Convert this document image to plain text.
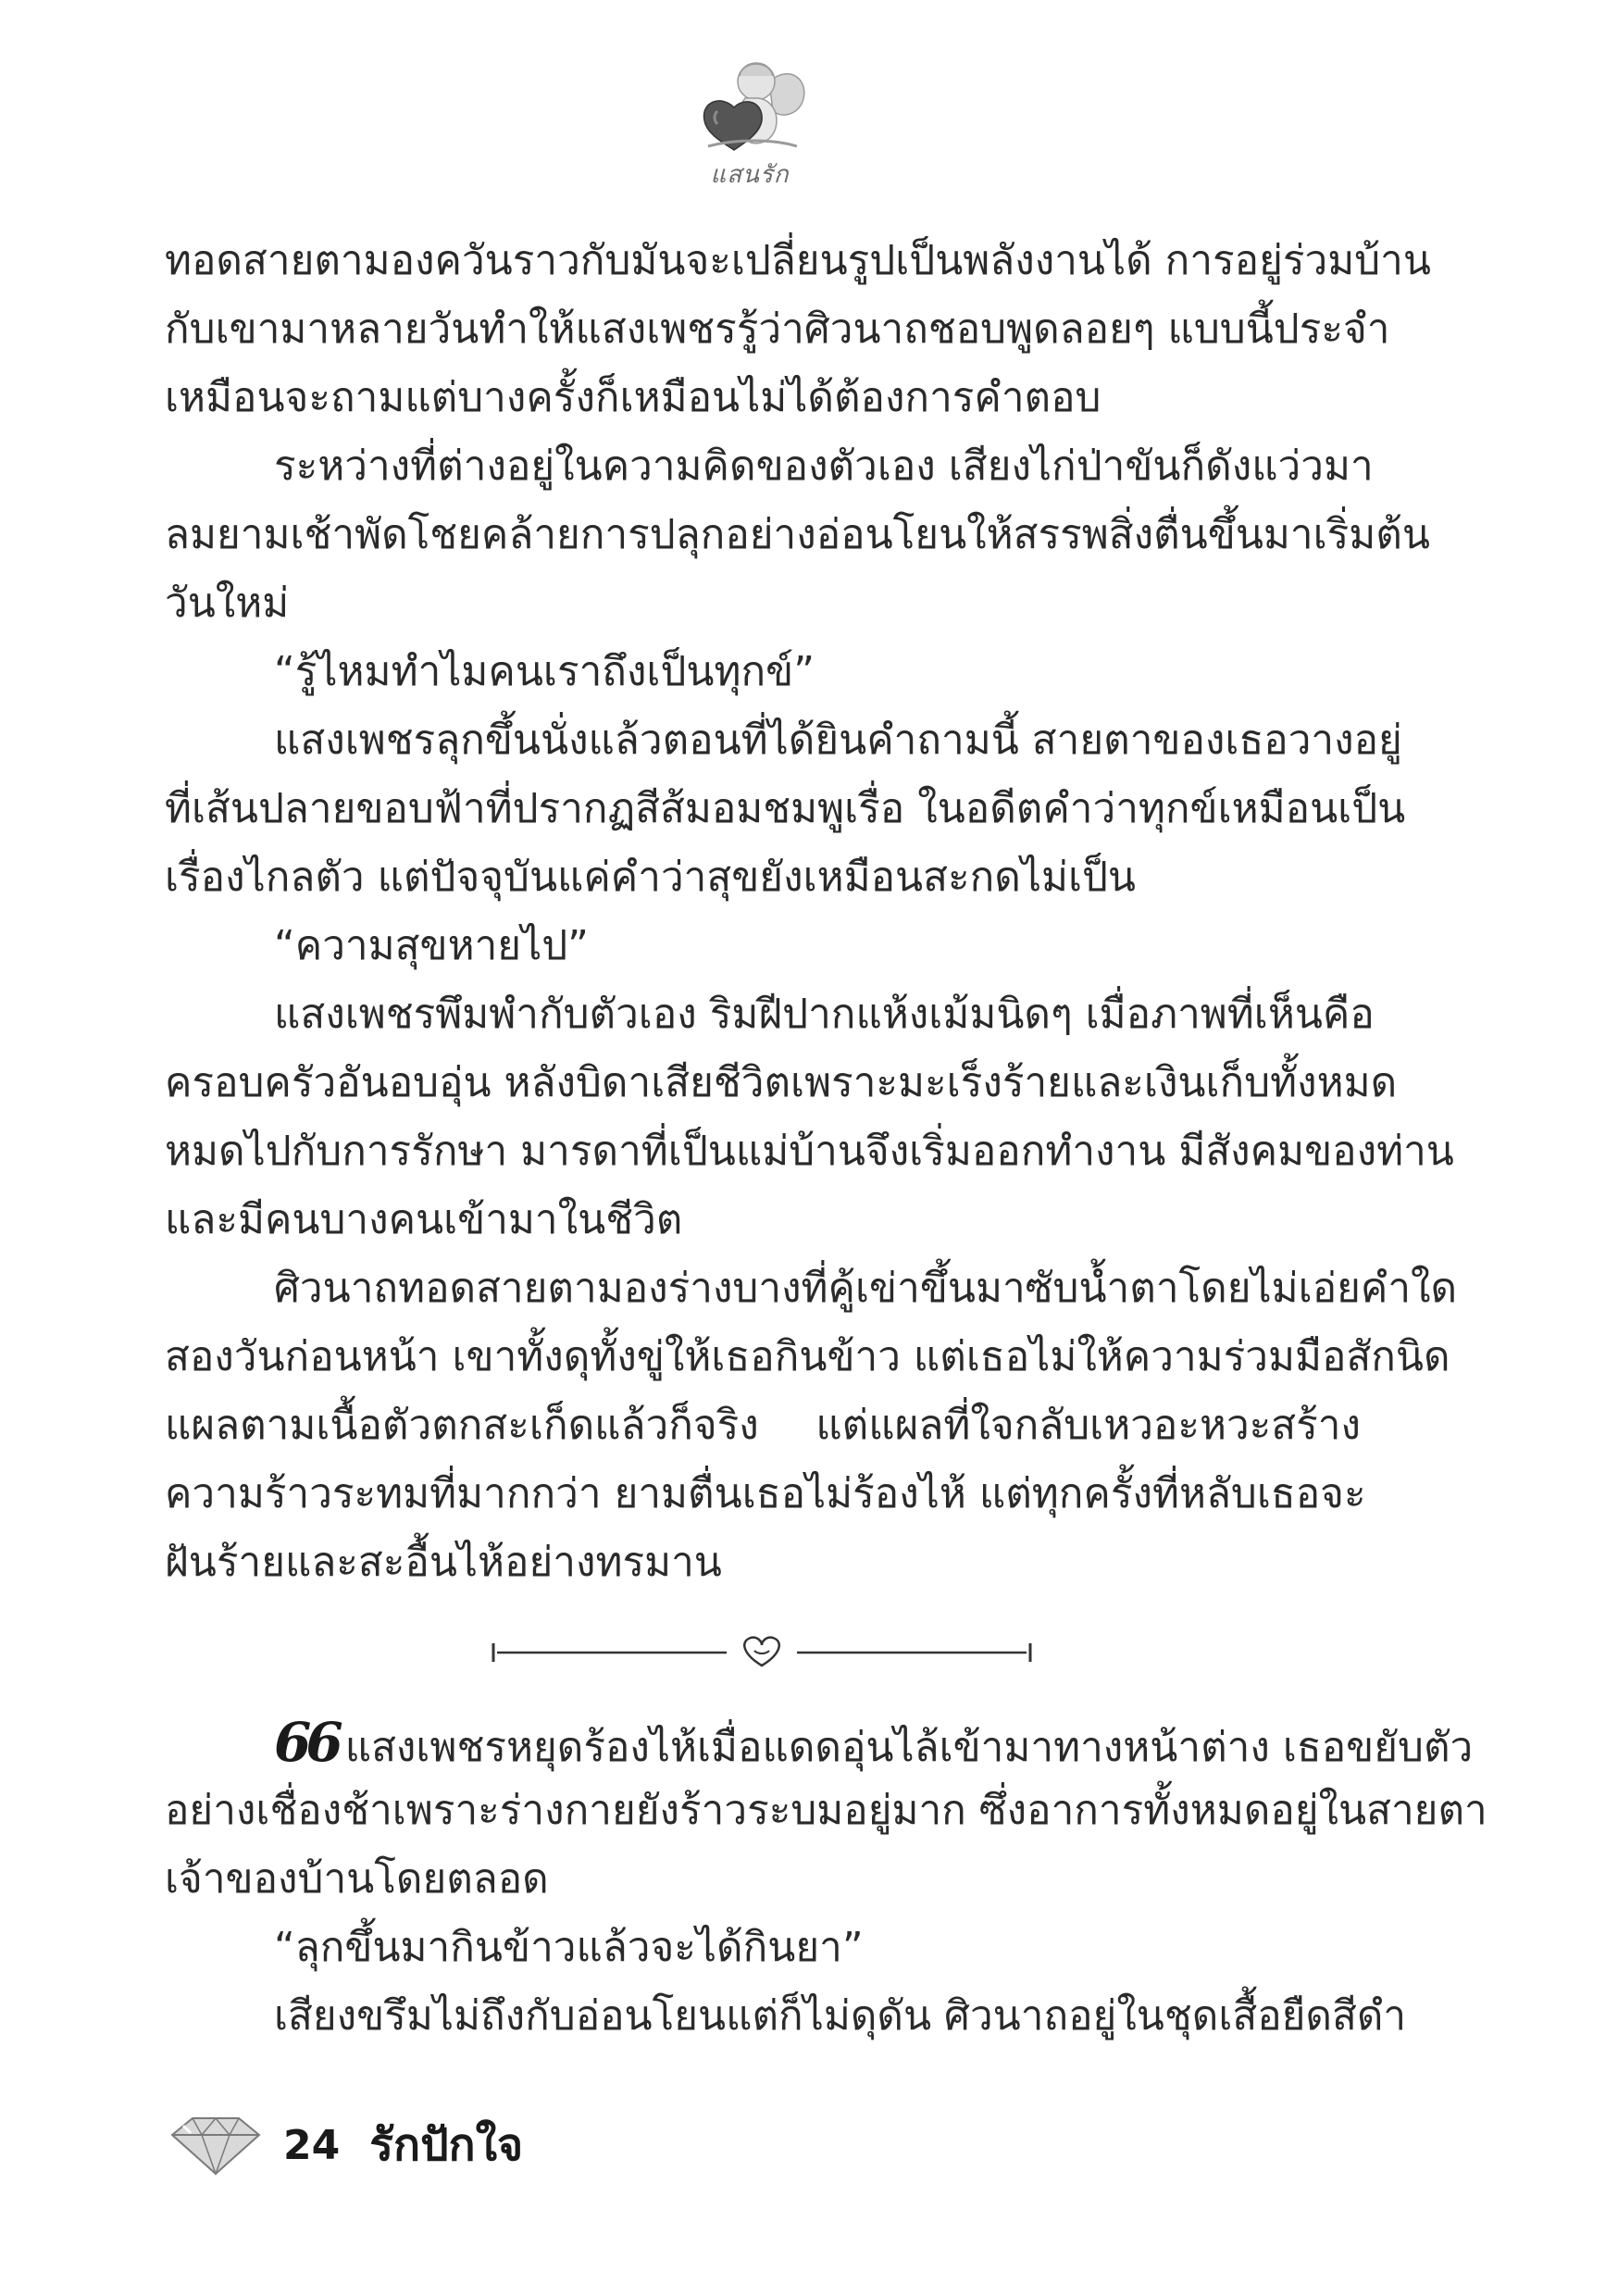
แสนรัก
ทอดสายตามองควันราวกับมันจะเปลี่ยนรูปเป็นพลังงานได้ การอยู่ร่วมบ้าน
กับเขามาหลายวันทำให้แสงเพชรรู้ว่าศิวนาถชอบพูดลอยๆ แบบนี้ประจำ
เหมือนจะถามแต่บางครั้งก็เหมือนไม่ได้ต้องการคำตอบ
ระหว่างที่ต่างอยู่ในความคิดของตัวเอง เสียงไก่ป่าขันก็ดังแว่วมา
ลมยามเช้าพัดโชยคล้ายการปลุกอย่างอ่อนโยนให้สรรพสิ่งตื่นขึ้นมาเริ่มต้น
วันใหม่
“รู้ไหมทำไมคนเราถึงเป็นทุกข์”
แสงเพชรลุกขึ้นนั่งแล้วตอนที่ได้ยินคำถามนี้ สายตาของเธอวางอยู่
ที่เส้นปลายขอบฟ้าที่ปรากฏสีส้มอมชมพูเรื่อ ในอดีตคำว่าทุกข์เหมือนเป็น
เรื่องไกลตัว แต่ปัจจุบันแค่คำว่าสุขยังเหมือนสะกดไม่เป็น
“ความสุขหายไป”
แสงเพชรพึมพำกับตัวเอง ริมฝีปากแห้งเม้มนิดๆ เมื่อภาพที่เห็นคือ
ครอบครัวอันอบอุ่น หลังบิดาเสียชีวิตเพราะมะเร็งร้ายและเงินเก็บทั้งหมด
หมดไปกับการรักษา มารดาที่เป็นแม่บ้านจึงเริ่มออกทำงาน มีสังคมของท่าน
และมีคนบางคนเข้ามาในชีวิต
ศิวนาถทอดสายตามองร่างบางที่คู้เข่าขึ้นมาซับน้ำตาโดยไม่เอ่ยคำใด
สองวันก่อนหน้า เขาทั้งดุทั้งขู่ให้เธอกินข้าว แต่เธอไม่ให้ความร่วมมือสักนิด
แผลตามเนื้อตัวตกสะเก็ดแล้วก็จริง แต่แผลที่ใจกลับเหวอะหวะสร้าง
ความร้าวระทมที่มากกว่า ยามตื่นเธอไม่ร้องไห้ แต่ทุกครั้งที่หลับเธอจะ
ฝันร้ายและสะอื้นไห้อย่างทรมาน
66 แสงเพชรหยุดร้องไห้เมื่อแดดอุ่นไล้เข้ามาทางหน้าต่าง เธอขยับตัว
อย่างเชื่องช้าเพราะร่างกายยังร้าวระบมอยู่มาก ซึ่งอาการทั้งหมดอยู่ในสายตา
เจ้าของบ้านโดยตลอด
“ลุกขึ้นมากินข้าวแล้วจะได้กินยา”
เสียงขรึมไม่ถึงกับอ่อนโยนแต่ก็ไม่ดุดัน ศิวนาถอยู่ในชุดเสื้อยืดสีดำ
24 รักปักใจ
